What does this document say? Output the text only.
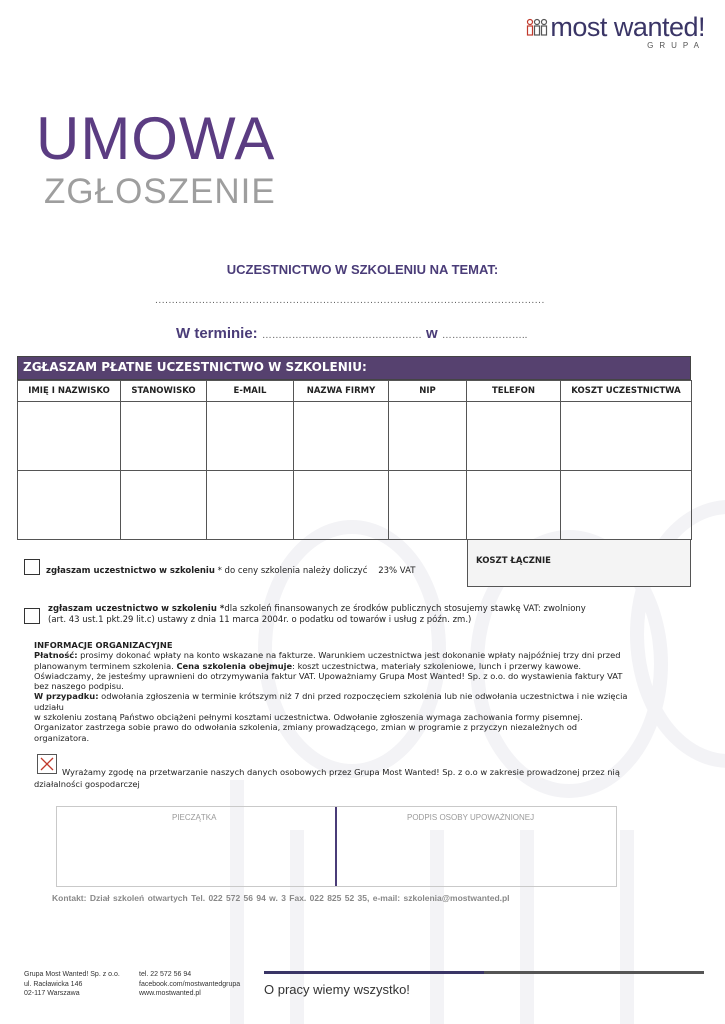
most wanted!
GRUPA
UMOWA
ZGŁOSZENIE
UCZESTNICTWO W SZKOLENIU NA TEMAT:
....................................................................................................................
W terminie: ………………………………………… w ……………………..
ZGŁASZAM PŁATNE UCZESTNICTWO W SZKOLENIU:
IMIĘ I NAZWISKO	STANOWISKO	E-MAIL	NAZWA FIRMY	NIP	TELEFON	KOSZT UCZESTNICTWA

KOSZT ŁĄCZNIE
zgłaszam uczestnictwo w szkoleniu * do ceny szkolenia należy doliczyć 23% VAT
zgłaszam uczestnictwo w szkoleniu *dla szkoleń finansowanych ze środków publicznych stosujemy stawkę VAT: zwolniony
(art. 43 ust.1 pkt.29 lit.c) ustawy z dnia 11 marca 2004r. o podatku od towarów i usług z późn. zm.)
INFORMACJE ORGANIZACYJNE
Płatność: prosimy dokonać wpłaty na konto wskazane na fakturze. Warunkiem uczestnictwa jest dokonanie wpłaty najpóźniej trzy dni przed planowanym terminem szkolenia. Cena szkolenia obejmuje: koszt uczestnictwa, materiały szkoleniowe, lunch i przerwy kawowe. Oświadczamy, że jesteśmy uprawnieni do otrzymywania faktur VAT. Upoważniamy Grupa Most Wanted! Sp. z o.o. do wystawienia faktury VAT bez naszego podpisu.
W przypadku: odwołania zgłoszenia w terminie krótszym niż 7 dni przed rozpoczęciem szkolenia lub nie odwołania uczestnictwa i nie wzięcia udziału
w szkoleniu zostaną Państwo obciążeni pełnymi kosztami uczestnictwa. Odwołanie zgłoszenia wymaga zachowania formy pisemnej. Organizator zastrzega sobie prawo do odwołania szkolenia, zmiany prowadzącego, zmian w programie z przyczyn niezależnych od organizatora.
Wyrażamy zgodę na przetwarzanie naszych danych osobowych przez Grupa Most Wanted! Sp. z o.o w zakresie prowadzonej przez nią działalności gospodarczej
PIECZĄTKA	PODPIS OSOBY UPOWAŻNIONEJ
Kontakt: Dział szkoleń otwartych Tel. 022 572 56 94 w. 3 Fax. 022 825 52 35, e-mail: szkolenia@mostwanted.pl
Grupa Most Wanted! Sp. z o.o.
ul. Racławicka 146
02-117 Warszawa
tel. 22 572 56 94
facebook.com/mostwantedgrupa
www.mostwanted.pl	O pracy wiemy wszystko!
